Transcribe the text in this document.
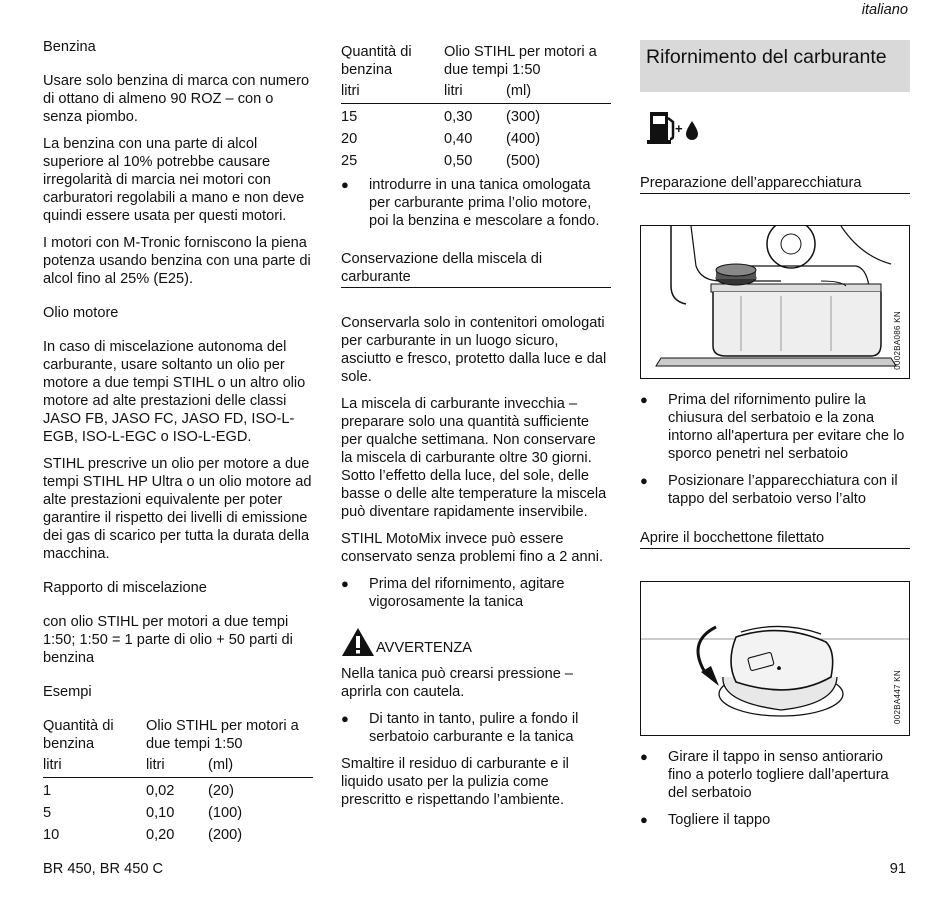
italiano
Benzina

Usare solo benzina di marca con numero di ottano di almeno 90 ROZ – con o senza piombo.

La benzina con una parte di alcol superiore al 10% potrebbe causare irregolarità di marcia nei motori con carburatori regolabili a mano e non deve quindi essere usata per questi motori.

I motori con M-Tronic forniscono la piena potenza usando benzina con una parte di alcol fino al 25% (E25).

Olio motore

In caso di miscelazione autonoma del carburante, usare soltanto un olio per motore a due tempi STIHL o un altro olio motore ad alte prestazioni delle classi JASO FB, JASO FC, JASO FD, ISO-L-EGB, ISO-L-EGC o ISO-L-EGD.

STIHL prescrive un olio per motore a due tempi STIHL HP Ultra o un olio motore ad alte prestazioni equivalente per poter garantire il rispetto dei livelli di emissione dei gas di scarico per tutta la durata della macchina.

Rapporto di miscelazione

con olio STIHL per motori a due tempi 1:50; 1:50 = 1 parte di olio + 50 parti di benzina

Esempi
Quantità di benzina	Olio STIHL per motori a due tempi 1:50	
litri	litri	(ml)
1	0,02	(20)
5	0,10	(100)
10	0,20	(200)
Quantità di benzina	Olio STIHL per motori a due tempi 1:50	
litri	litri	(ml)
15	0,30	(300)
20	0,40	(400)
25	0,50	(500)
●	introdurre in una tanica omologata per carburante prima l’olio motore, poi la benzina e mescolare a fondo.
Conservazione della miscela di carburante

Conservarla solo in contenitori omologati per carburante in un luogo sicuro, asciutto e fresco, protetto dalla luce e dal sole.

La miscela di carburante invecchia – preparare solo una quantità sufficiente per qualche settimana. Non conservare la miscela di carburante oltre 30 giorni. Sotto l’effetto della luce, del sole, delle basse o delle alte temperature la miscela può diventare rapidamente inservibile.

STIHL MotoMix invece può essere conservato senza problemi fino a 2 anni.

●	Prima del rifornimento, agitare vigorosamente la tanica
AVVERTENZA

Nella tanica può crearsi pressione – aprirla con cautela.

●	Di tanto in tanto, pulire a fondo il serbatoio carburante e la tanica

Smaltire il residuo di carburante e il liquido usato per la pulizia come prescritto e rispettando l’ambiente.

Rifornimento del carburante
+
Preparazione dell’apparecchiatura
0002BA086 KN
●	Prima del rifornimento pulire la chiusura del serbatoio e la zona intorno all'apertura per evitare che lo sporco penetri nel serbatoio
●	Posizionare l’apparecchiatura con il tappo del serbatoio verso l’alto
Aprire il bocchettone filettato
002BA447 KN
●	Girare il tappo in senso antiorario fino a poterlo togliere dall’apertura del serbatoio
●	Togliere il tappo
BR 450, BR 450 C	91
